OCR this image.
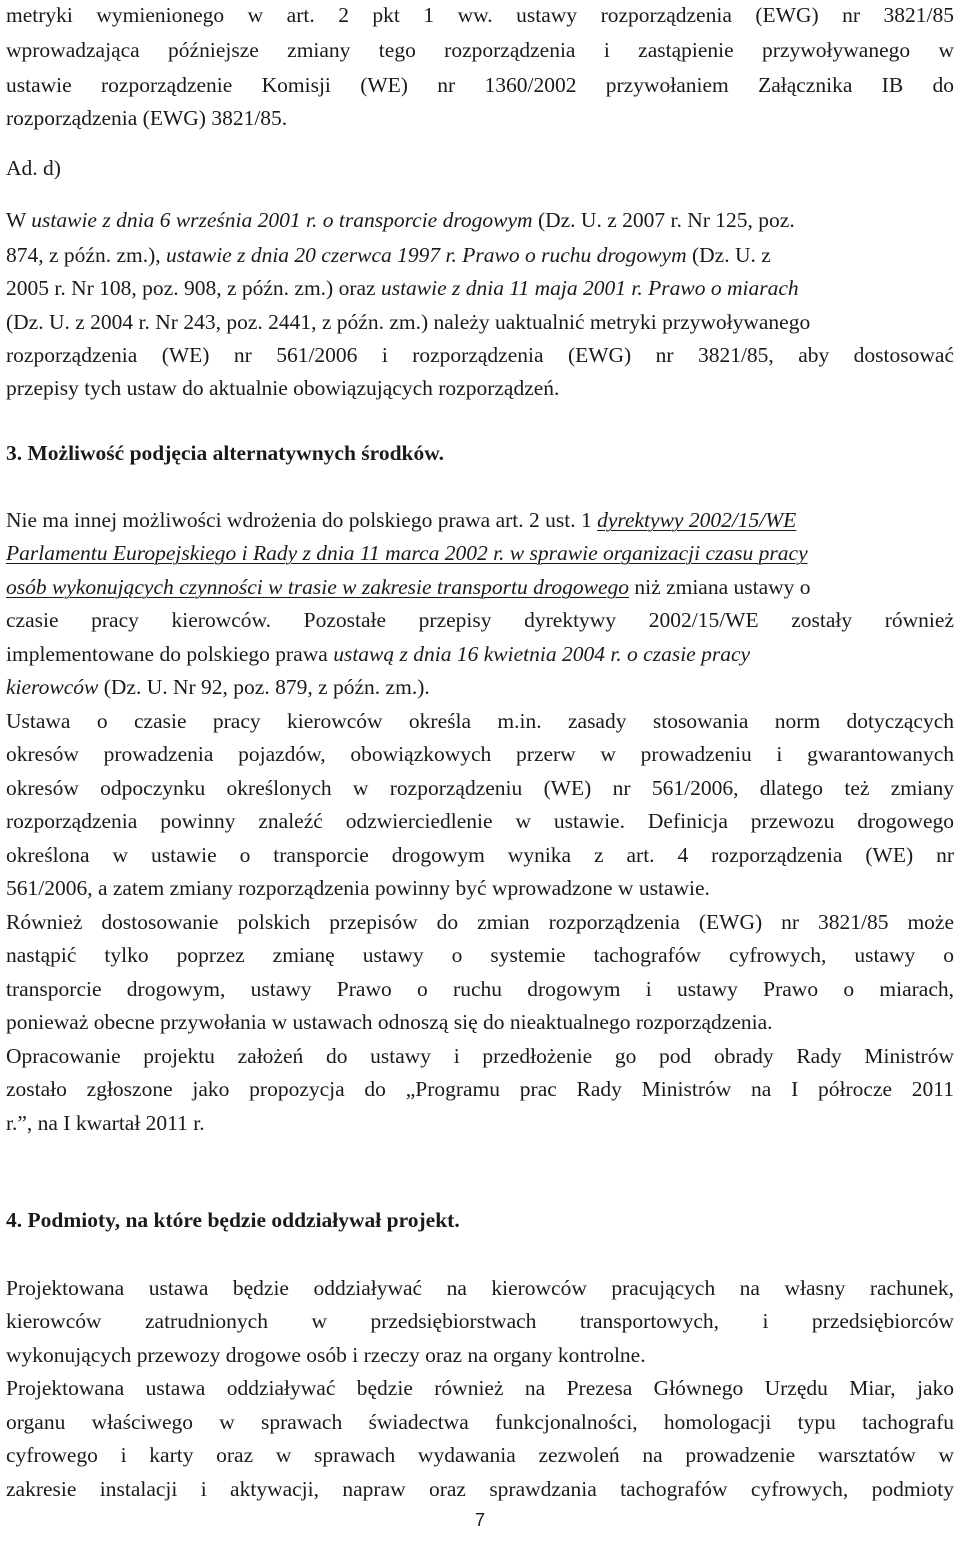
metryki wymienionego w art. 2 pkt 1 ww. ustawy rozporządzenia (EWG) nr 3821/85
wprowadzająca późniejsze zmiany tego rozporządzenia i zastąpienie przywoływanego w
ustawie rozporządzenie Komisji (WE) nr 1360/2002 przywołaniem Załącznika IB do
rozporządzenia (EWG) 3821/85.
Ad. d)
W ustawie z dnia 6 września 2001 r. o transporcie drogowym (Dz. U. z 2007 r. Nr 125, poz.
874, z późn. zm.), ustawie z dnia 20 czerwca 1997 r. Prawo o ruchu drogowym (Dz. U. z
2005 r. Nr 108, poz. 908, z późn. zm.) oraz ustawie z dnia 11 maja 2001 r. Prawo o miarach
(Dz. U. z 2004 r. Nr 243, poz. 2441, z późn. zm.) należy uaktualnić metryki przywoływanego
rozporządzenia (WE) nr 561/2006 i rozporządzenia (EWG) nr 3821/85, aby dostosować
przepisy tych ustaw do aktualnie obowiązujących rozporządzeń.
3. Możliwość podjęcia alternatywnych środków.
Nie ma innej możliwości wdrożenia do polskiego prawa art. 2 ust. 1 dyrektywy 2002/15/WE
Parlamentu Europejskiego i Rady z dnia 11 marca 2002 r. w sprawie organizacji czasu pracy
osób wykonujących czynności w trasie w zakresie transportu drogowego niż zmiana ustawy o
czasie pracy kierowców. Pozostałe przepisy dyrektywy 2002/15/WE zostały również
implementowane do polskiego prawa ustawą z dnia 16 kwietnia 2004 r. o czasie pracy
kierowców (Dz. U. Nr 92, poz. 879, z późn. zm.).
Ustawa o czasie pracy kierowców określa m.in. zasady stosowania norm dotyczących
okresów prowadzenia pojazdów, obowiązkowych przerw w prowadzeniu i gwarantowanych
okresów odpoczynku określonych w rozporządzeniu (WE) nr 561/2006, dlatego też zmiany
rozporządzenia powinny znaleźć odzwierciedlenie w ustawie. Definicja przewozu drogowego
określona w ustawie o transporcie drogowym wynika z art. 4 rozporządzenia (WE) nr
561/2006, a zatem zmiany rozporządzenia powinny być wprowadzone w ustawie.
Również dostosowanie polskich przepisów do zmian rozporządzenia (EWG) nr 3821/85 może
nastąpić tylko poprzez zmianę ustawy o systemie tachografów cyfrowych, ustawy o
transporcie drogowym, ustawy Prawo o ruchu drogowym i ustawy Prawo o miarach,
ponieważ obecne przywołania w ustawach odnoszą się do nieaktualnego rozporządzenia.
Opracowanie projektu założeń do ustawy i przedłożenie go pod obrady Rady Ministrów
zostało zgłoszone jako propozycja do „Programu prac Rady Ministrów na I półrocze 2011
r.”, na I kwartał 2011 r.
4. Podmioty, na które będzie oddziaływał projekt.
Projektowana ustawa będzie oddziaływać na kierowców pracujących na własny rachunek,
kierowców zatrudnionych w przedsiębiorstwach transportowych, i przedsiębiorców
wykonujących przewozy drogowe osób i rzeczy oraz na organy kontrolne.
Projektowana ustawa oddziaływać będzie również na Prezesa Głównego Urzędu Miar, jako
organu właściwego w sprawach świadectwa funkcjonalności, homologacji typu tachografu
cyfrowego i karty oraz w sprawach wydawania zezwoleń na prowadzenie warsztatów w
zakresie instalacji i aktywacji, napraw oraz sprawdzania tachografów cyfrowych, podmioty
7
